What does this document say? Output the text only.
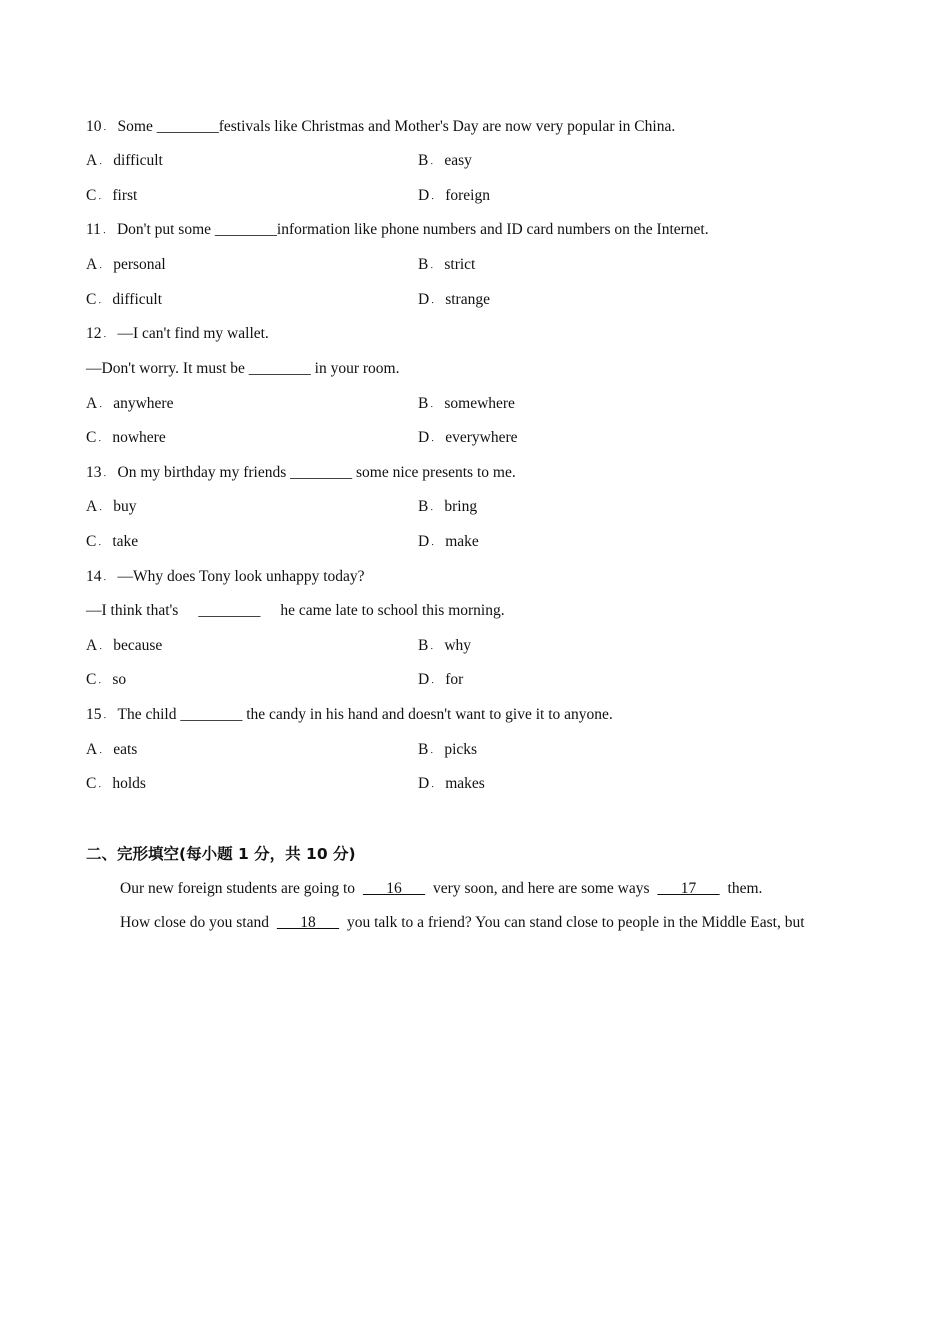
10 ． Some ________festivals like Christmas and Mother's Day are now very popular in China.
A ． difficult	B ． easy
C ． first	D ． foreign
11 ． Don't put some ________information like phone numbers and ID card numbers on the Internet.
A ． personal	B ． strict
C ． difficult	D ． strange
12 ． —I can't find my wallet.
—Don't worry. It must be ________ in your room.
A ． anywhere	B ． somewhere
C ． nowhere	D ． everywhere
13 ． On my birthday my friends ________ some nice presents to me.
A ． buy	B ． bring
C ． take	D ． make
14 ． —Why does Tony look unhappy today?
—I think that's ________ he came late to school this morning.
A ． because	B ． why
C ． so	D ． for
15 ． The child ________ the candy in his hand and doesn't want to give it to anyone.
A ． eats	B ． picks
C ． holds	D ． makes
二、完形填空(每小题 1 分，共 10 分)
Our new foreign students are going to ___16___ very soon, and here are some ways ___17___ them.
How close do you stand ___18___ you talk to a friend? You can stand close to people in the Middle East, but
